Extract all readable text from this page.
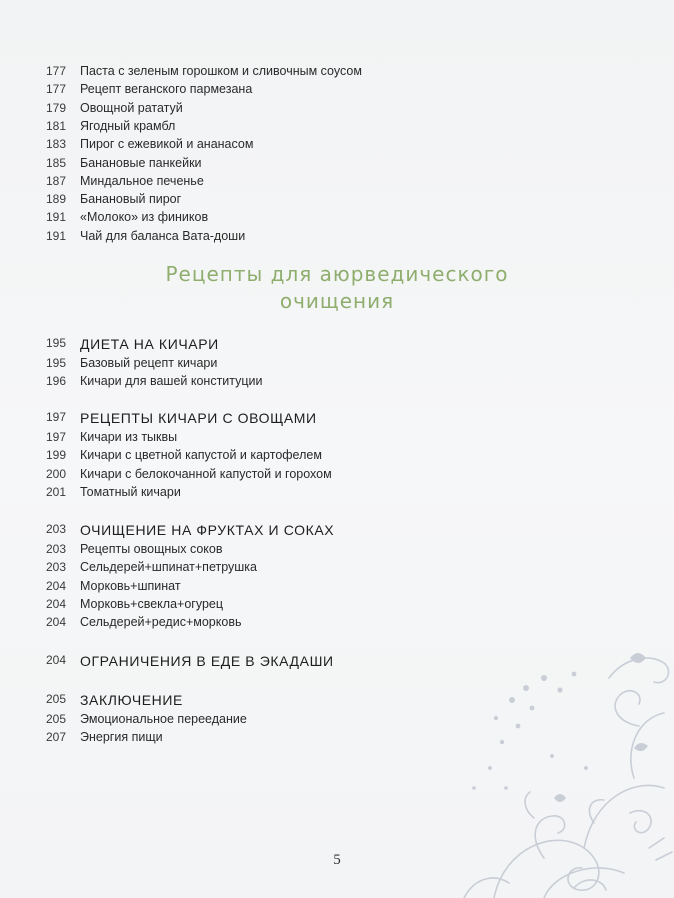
177	Паста с зеленым горошком и сливочным соусом
177	Рецепт веганского пармезана
179	Овощной рататуй
181	Ягодный крамбл
183	Пирог с ежевикой и ананасом
185	Банановые панкейки
187	Миндальное печенье
189	Банановый пирог
191	«Молоко» из фиников
191	Чай для баланса Вата-доши
Рецепты для аюрведического
очищения
195 ДИЕТА НА КИЧАРИ
195	Базовый рецепт кичари
196	Кичари для вашей конституции
197 РЕЦЕПТЫ КИЧАРИ С ОВОЩАМИ
197	Кичари из тыквы
199	Кичари с цветной капустой и картофелем
200	Кичари с белокочанной капустой и горохом
201	Томатный кичари
203 ОЧИЩЕНИЕ НА ФРУКТАХ И СОКАХ
203	Рецепты овощных соков
203	Сельдерей+шпинат+петрушка
204	Морковь+шпинат
204	Морковь+свекла+огурец
204	Сельдерей+редис+морковь
204 ОГРАНИЧЕНИЯ В ЕДЕ В ЭКАДАШИ
205 ЗАКЛЮЧЕНИЕ
205	Эмоциональное переедание
207	Энергия пищи
5
